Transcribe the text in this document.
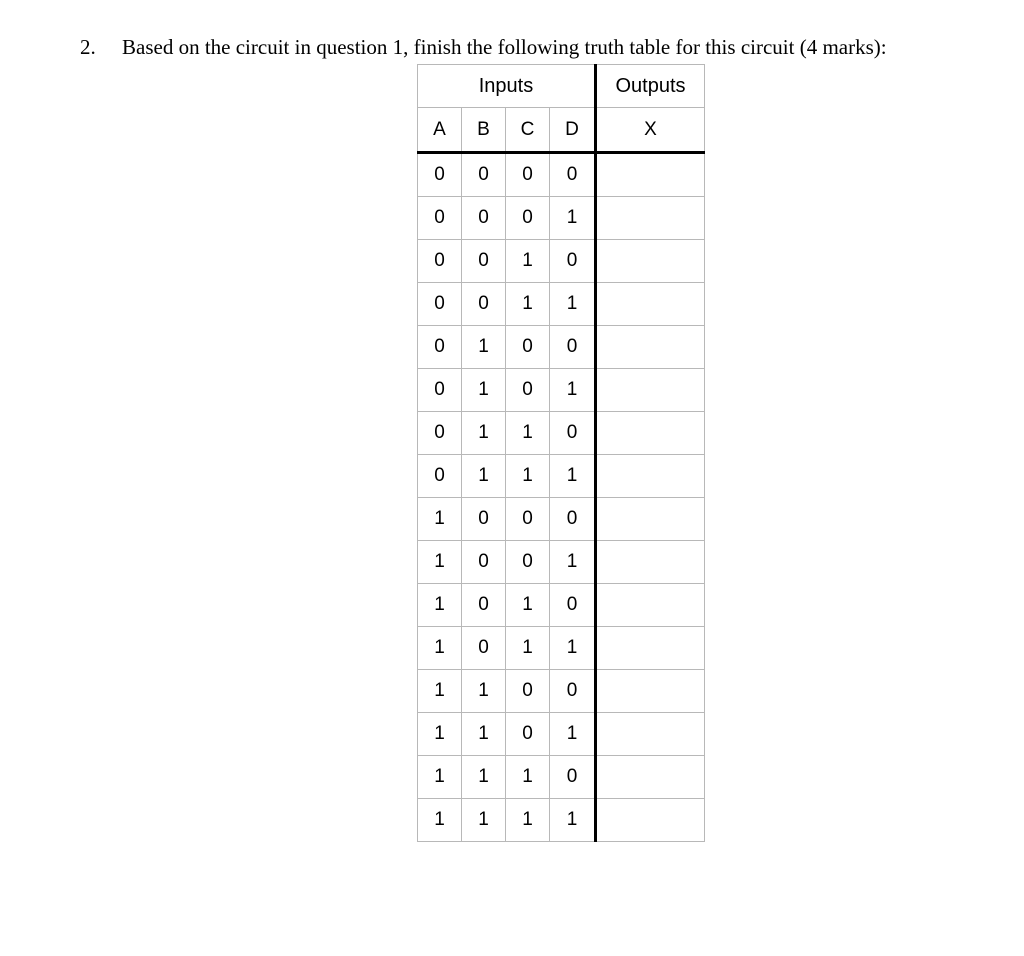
2. Based on the circuit in question 1, finish the following truth table for this circuit (4 marks):
Inputs				Outputs
A	B	C	D	X
0	0	0	0	
0	0	0	1	
0	0	1	0	
0	0	1	1	
0	1	0	0	
0	1	0	1	
0	1	1	0	
0	1	1	1	
1	0	0	0	
1	0	0	1	
1	0	1	0	
1	0	1	1	
1	1	0	0	
1	1	0	1	
1	1	1	0	
1	1	1	1	
